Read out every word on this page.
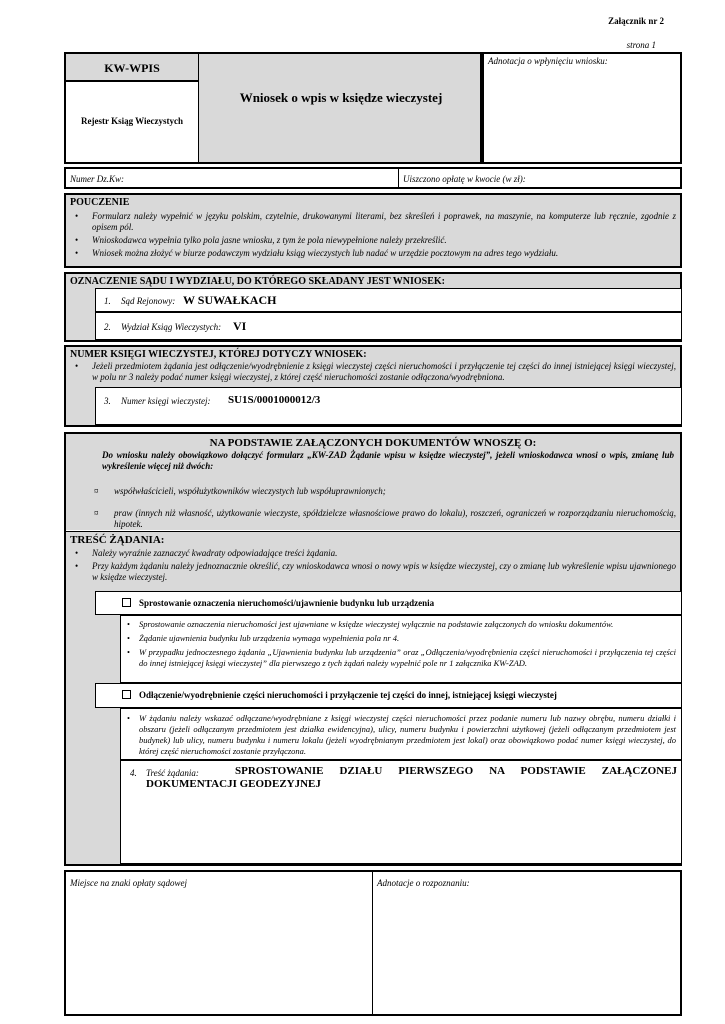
Załącznik nr 2
strona 1
KW-WPIS
Rejestr Ksiąg Wieczystych
Wniosek o wpis w księdze wieczystej
Adnotacja o wpłynięciu wniosku:
Numer Dz.Kw:	Uiszczono opłatę w kwocie (w zł):
POUCZENIE
• Formularz należy wypełnić w języku polskim, czytelnie, drukowanymi literami, bez skreśleń i poprawek, na maszynie, na komputerze lub ręcznie, zgodnie z opisem pól.
• Wnioskodawca wypełnia tylko pola jasne wniosku, z tym że pola niewypełnione należy przekreślić.
• Wniosek można złożyć w biurze podawczym wydziału ksiąg wieczystych lub nadać w urzędzie pocztowym na adres tego wydziału.
OZNACZENIE SĄDU I WYDZIAŁU, DO KTÓREGO SKŁADANY JEST WNIOSEK:
1. Sąd Rejonowy: W SUWAŁKACH
2. Wydział Ksiąg Wieczystych: VI
NUMER KSIĘGI WIECZYSTEJ, KTÓREJ DOTYCZY WNIOSEK:
• Jeżeli przedmiotem żądania jest odłączenie/wyodrębnienie z księgi wieczystej części nieruchomości i przyłączenie tej części do innej istniejącej księgi wieczystej, w polu nr 3 należy podać numer księgi wieczystej, z której część nieruchomości zostanie odłączona/wyodrębniona.
3. Numer księgi wieczystej: SU1S/0001000012/3
NA PODSTAWIE ZAŁĄCZONYCH DOKUMENTÓW WNOSZĘ O:
Do wniosku należy obowiązkowo dołączyć formularz „KW-ZAD Żądanie wpisu w księdze wieczystej”, jeżeli wnioskodawca wnosi o wpis, zmianę lub wykreślenie więcej niż dwóch:
¤ współwłaścicieli, współużytkowników wieczystych lub współuprawnionych;
¤ praw (innych niż własność, użytkowanie wieczyste, spółdzielcze własnościowe prawo do lokalu), roszczeń, ograniczeń w rozporządzaniu nieruchomością, hipotek.
TREŚĆ ŻĄDANIA:
• Należy wyraźnie zaznaczyć kwadraty odpowiadające treści żądania.
• Przy każdym żądaniu należy jednoznacznie określić, czy wnioskodawca wnosi o nowy wpis w księdze wieczystej, czy o zmianę lub wykreślenie wpisu ujawnionego w księdze wieczystej.
Sprostowanie oznaczenia nieruchomości/ujawnienie budynku lub urządzenia
• Sprostowanie oznaczenia nieruchomości jest ujawniane w księdze wieczystej wyłącznie na podstawie załączonych do wniosku dokumentów.
• Żądanie ujawnienia budynku lub urządzenia wymaga wypełnienia pola nr 4.
• W przypadku jednoczesnego żądania „Ujawnienia budynku lub urządzenia” oraz „Odłączenia/wyodrębnienia części nieruchomości i przyłączenia tej części do innej istniejącej księgi wieczystej” dla pierwszego z tych żądań należy wypełnić pole nr 1 załącznika KW-ZAD.
Odłączenie/wyodrębnienie części nieruchomości i przyłączenie tej części do innej, istniejącej księgi wieczystej
• W żądaniu należy wskazać odłączane/wyodrębniane z księgi wieczystej części nieruchomości przez podanie numeru lub nazwy obrębu, numeru działki i obszaru (jeżeli odłączanym przedmiotem jest działka ewidencyjna), ulicy, numeru budynku i powierzchni użytkowej (jeżeli odłączanym przedmiotem jest budynek) lub ulicy, numeru budynku i numeru lokalu (jeżeli wyodrębnianym przedmiotem jest lokal) oraz obowiązkowo podać numer księgi wieczystej, do której część nieruchomości zostanie przyłączona.
4. Treść żądania:	SPROSTOWANIE DZIAŁU PIERWSZEGO NA PODSTAWIE ZAŁĄCZONEJ
DOKUMENTACJI GEODEZYJNEJ
Miejsce na znaki opłaty sądowej	Adnotacje o rozpoznaniu:
